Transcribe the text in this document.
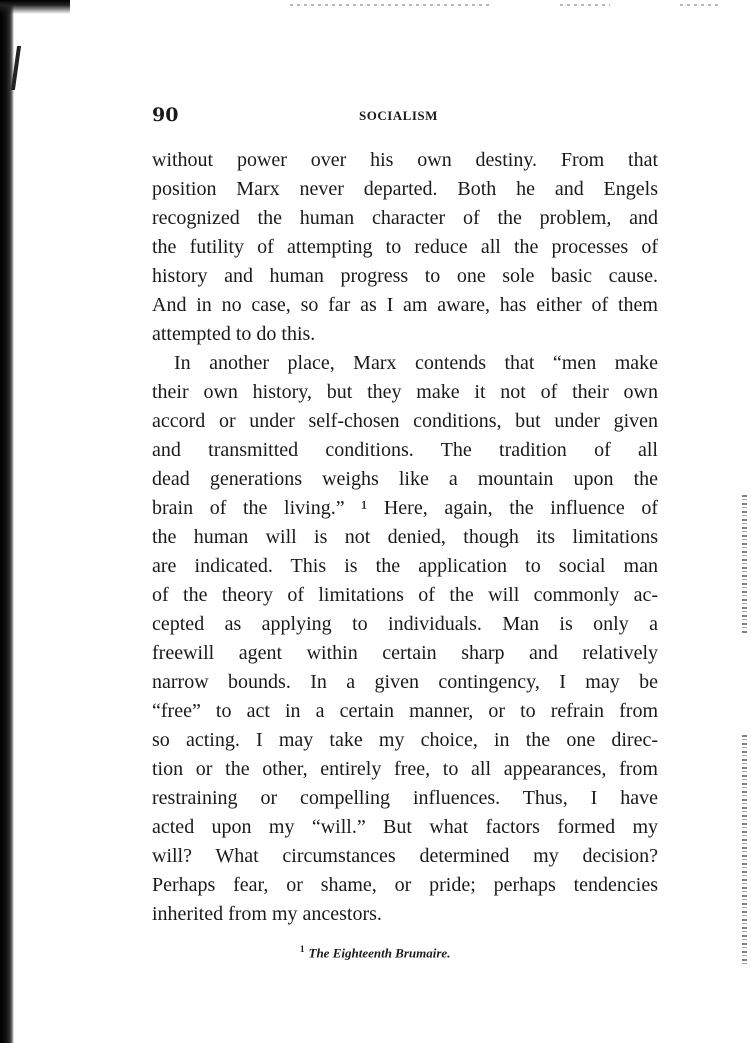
90	SOCIALISM
without power over his own destiny. From that
position Marx never departed. Both he and Engels
recognized the human character of the problem, and
the futility of attempting to reduce all the processes of
history and human progress to one sole basic cause.
And in no case, so far as I am aware, has either of them
attempted to do this.
In another place, Marx contends that “men make
their own history, but they make it not of their own
accord or under self-chosen conditions, but under given
and transmitted conditions. The tradition of all
dead generations weighs like a mountain upon the
brain of the living.” ¹ Here, again, the influence of
the human will is not denied, though its limitations
are indicated. This is the application to social man
of the theory of limitations of the will commonly ac-
cepted as applying to individuals. Man is only a
freewill agent within certain sharp and relatively
narrow bounds. In a given contingency, I may be
“free” to act in a certain manner, or to refrain from
so acting. I may take my choice, in the one direc-
tion or the other, entirely free, to all appearances, from
restraining or compelling influences. Thus, I have
acted upon my “will.” But what factors formed my
will? What circumstances determined my decision?
Perhaps fear, or shame, or pride; perhaps tendencies
inherited from my ancestors.
$^1$ The Eighteenth Brumaire.
